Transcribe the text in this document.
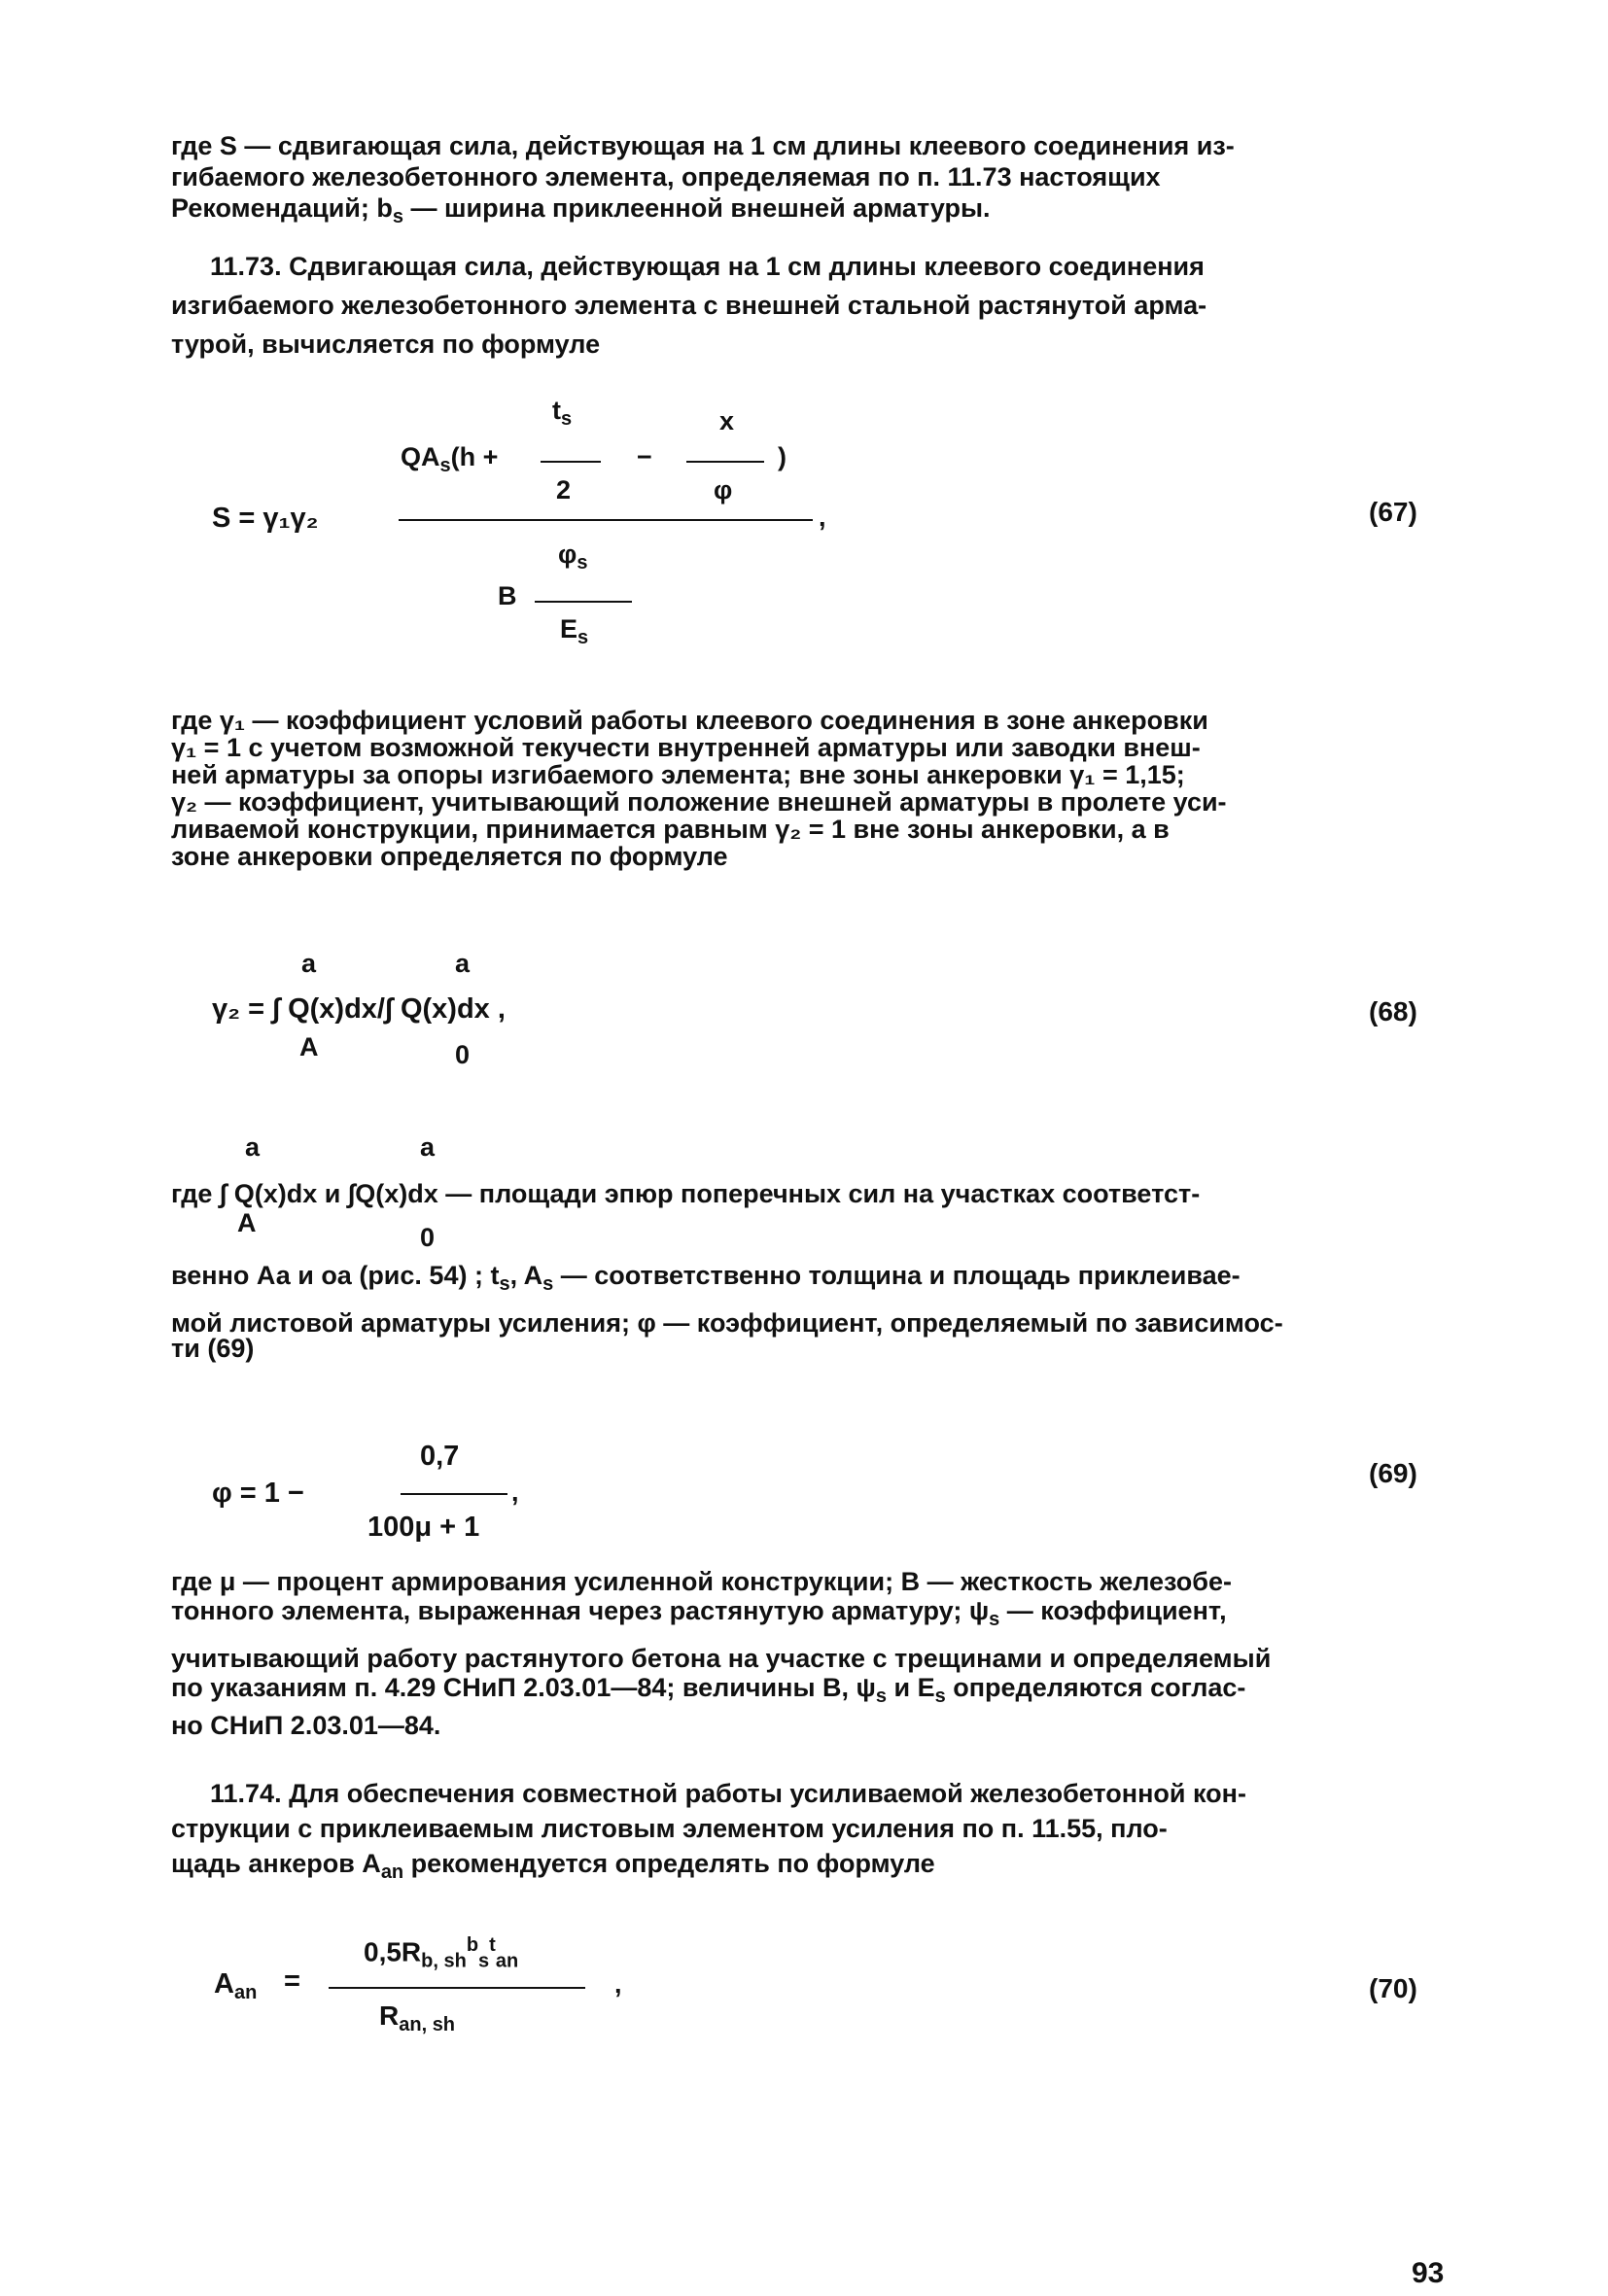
где S — сдвигающая сила, действующая на 1 см длины клеевого соединения из-
гибаемого железобетонного элемента, определяемая по п. 11.73 настоящих
Рекомендаций; $b_s$ — ширина приклеенной внешней арматуры.

11.73. Сдвигающая сила, действующая на 1 см длины клеевого соединения
изгибаемого железобетонного элемента с внешней стальной растянутой арма-
турой, вычисляется по формуле

S = γ₁γ₂
$t_s$	x
$QA_s(h$ +	−	)
2	φ
,
$\varphi_s$
B
$E_s$
(67)

где γ₁ — коэффициент условий работы клеевого соединения в зоне анкеровки
γ₁ = 1 с учетом возможной текучести внутренней арматуры или заводки внеш-
ней арматуры за опоры изгибаемого элемента; вне зоны анкеровки γ₁ = 1,15;
γ₂ — коэффициент, учитывающий положение внешней арматуры в пролете уси-
ливаемой конструкции, принимается равным γ₂ = 1 вне зоны анкеровки, а в
зоне анкеровки определяется по формуле

a	a
γ₂ = ∫ Q(x)dx/∫ Q(x)dx ,
A	0
(68)
a	a
где ∫ Q(x)dx и ∫Q(x)dx — площади эпюр поперечных сил на участках соответст-
A	0

венно Аа и оа (рис. 54) ; $t_s$, $A_s$ — соответственно толщина и площадь приклеивае-
мой листовой арматуры усиления; φ — коэффициент, определяемый по зависимос-
ти (69)

0,7
φ = 1 −	,
100μ + 1
(69)

где μ — процент армирования усиленной конструкции; В — жесткость железобе-
тонного элемента, выраженная через растянутую арматуру; $\psi_s$ — коэффициент,
учитывающий работу растянутого бетона на участке с трещинами и определяемый
по указаниям п. 4.29 СНиП 2.03.01—84; величины В, $\psi_s$ и $Е_s$ определяются соглас-
но СНиП 2.03.01—84.

11.74. Для обеспечения совместной работы усиливаемой железобетонной кон-
струкции с приклеиваемым листовым элементом усиления по п. 11.55, пло-
щадь анкеров $A_{an}$ рекомендуется определять по формуле

$0,5R_{b, sh}^b_s^t_{an}$
$A_{an}$ =	,
$R_{an, sh}$
(70)
93
